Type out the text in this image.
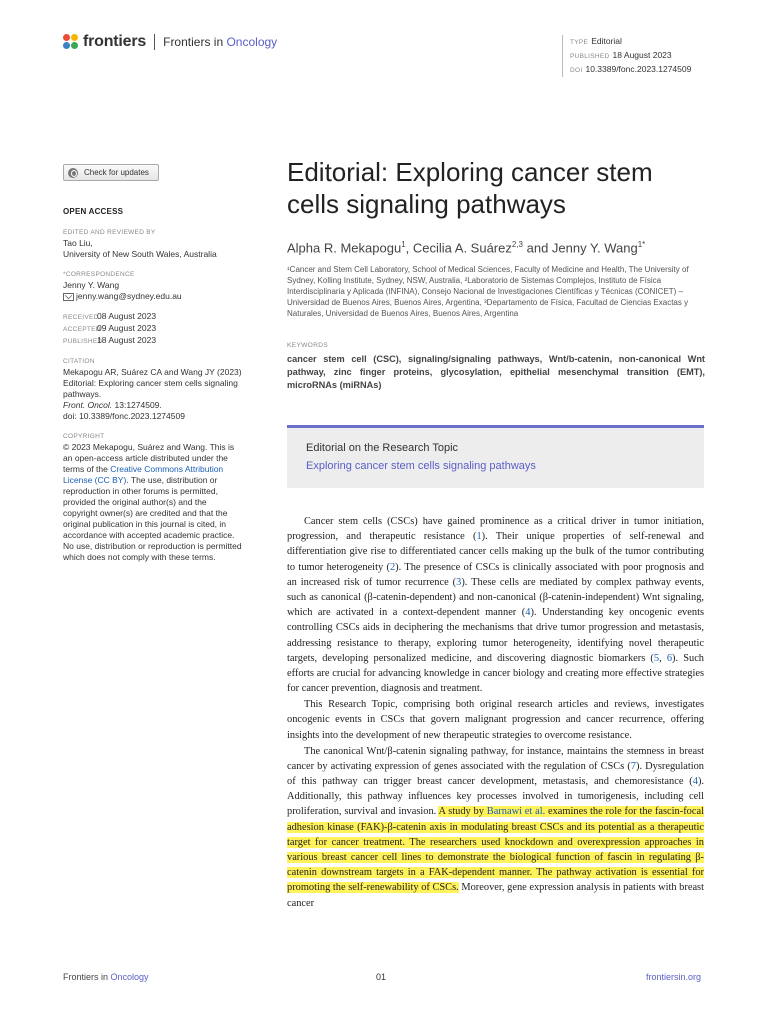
frontiers Frontiers in Oncology	TYPE Editorial
PUBLISHED 18 August 2023
DOI 10.3389/fonc.2023.1274509
Check for updates
OPEN ACCESS
EDITED AND REVIEWED BY
Tao Liu,
University of New South Wales, Australia
*CORRESPONDENCE
Jenny Y. Wang
jenny.wang@sydney.edu.au
RECEIVED08 August 2023
ACCEPTED09 August 2023
PUBLISHED18 August 2023
CITATION
Mekapogu AR, Suárez CA and Wang JY (2023) Editorial: Exploring cancer stem cells signaling pathways.
Front. Oncol. 13:1274509.
doi: 10.3389/fonc.2023.1274509
COPYRIGHT
© 2023 Mekapogu, Suárez and Wang. This is an open-access article distributed under the terms of the Creative Commons Attribution License (CC BY). The use, distribution or reproduction in other forums is permitted, provided the original author(s) and the copyright owner(s) are credited and that the original publication in this journal is cited, in accordance with accepted academic practice. No use, distribution or reproduction is permitted which does not comply with these terms.
Editorial: Exploring cancer stem cells signaling pathways
Alpha R. Mekapogu$^1$, Cecilia A. Suárez$^{2,3}$ and Jenny Y. Wang$^{1*}$
¹Cancer and Stem Cell Laboratory, School of Medical Sciences, Faculty of Medicine and Health, The University of Sydney, Kolling Institute, Sydney, NSW, Australia, ²Laboratorio de Sistemas Complejos, Instituto de Física Interdisciplinaria y Aplicada (INFINA), Consejo Nacional de Investigaciones Científicas y Técnicas (CONICET) – Universidad de Buenos Aires, Buenos Aires, Argentina, ³Departamento de Física, Facultad de Ciencias Exactas y Naturales, Universidad de Buenos Aires, Buenos Aires, Argentina
KEYWORDS
cancer stem cell (CSC), signaling/signaling pathways, Wnt/b-catenin, non-canonical Wnt pathway, zinc finger proteins, glycosylation, epithelial mesenchymal transition (EMT), microRNAs (miRNAs)
Editorial on the Research Topic
Exploring cancer stem cells signaling pathways

Cancer stem cells (CSCs) have gained prominence as a critical driver in tumor initiation, progression, and therapeutic resistance (1). Their unique properties of self-renewal and differentiation give rise to differentiated cancer cells making up the bulk of the tumor contributing to tumor heterogeneity (2). The presence of CSCs is clinically associated with poor prognosis and an increased risk of tumor recurrence (3). These cells are mediated by complex pathway events, such as canonical (β-catenin-dependent) and non-canonical (β-catenin-independent) Wnt signaling, which are activated in a context-dependent manner (4). Understanding key oncogenic events controlling CSCs aids in deciphering the mechanisms that drive tumor progression and metastasis, addressing resistance to therapy, exploring tumor heterogeneity, identifying novel therapeutic targets, developing personalized medicine, and discovering diagnostic biomarkers (5, 6). Such efforts are crucial for advancing knowledge in cancer biology and creating more effective strategies for cancer prevention, diagnosis and treatment.

This Research Topic, comprising both original research articles and reviews, investigates oncogenic events in CSCs that govern malignant progression and cancer recurrence, offering insights into the development of new therapeutic strategies to overcome resistance.

The canonical Wnt/β-catenin signaling pathway, for instance, maintains the stemness in breast cancer by activating expression of genes associated with the regulation of CSCs (7). Dysregulation of this pathway can trigger breast cancer development, metastasis, and chemoresistance (4). Additionally, this pathway influences key processes involved in tumorigenesis, including cell proliferation, survival and invasion. A study by Barnawi et al. examines the role for the fascin-focal adhesion kinase (FAK)-β-catenin axis in modulating breast CSCs and its potential as a therapeutic target for cancer treatment. The researchers used knockdown and overexpression approaches in various breast cancer cell lines to demonstrate the biological function of fascin in regulating β-catenin downstream targets in a FAK-dependent manner. The pathway activation is essential for promoting the self-renewability of CSCs. Moreover, gene expression analysis in patients with breast cancer

Frontiers in Oncology	01	frontiersin.org
